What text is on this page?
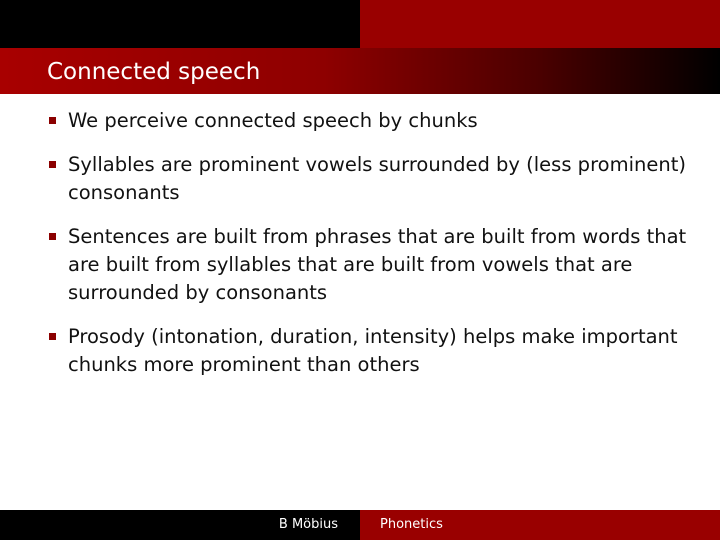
Connected speech
We perceive connected speech by chunks
Syllables are prominent vowels surrounded by (less prominent) consonants
Sentences are built from phrases that are built from words that are built from syllables that are built from vowels that are surrounded by consonants
Prosody (intonation, duration, intensity) helps make important chunks more prominent than others
B Möbius	Phonetics
